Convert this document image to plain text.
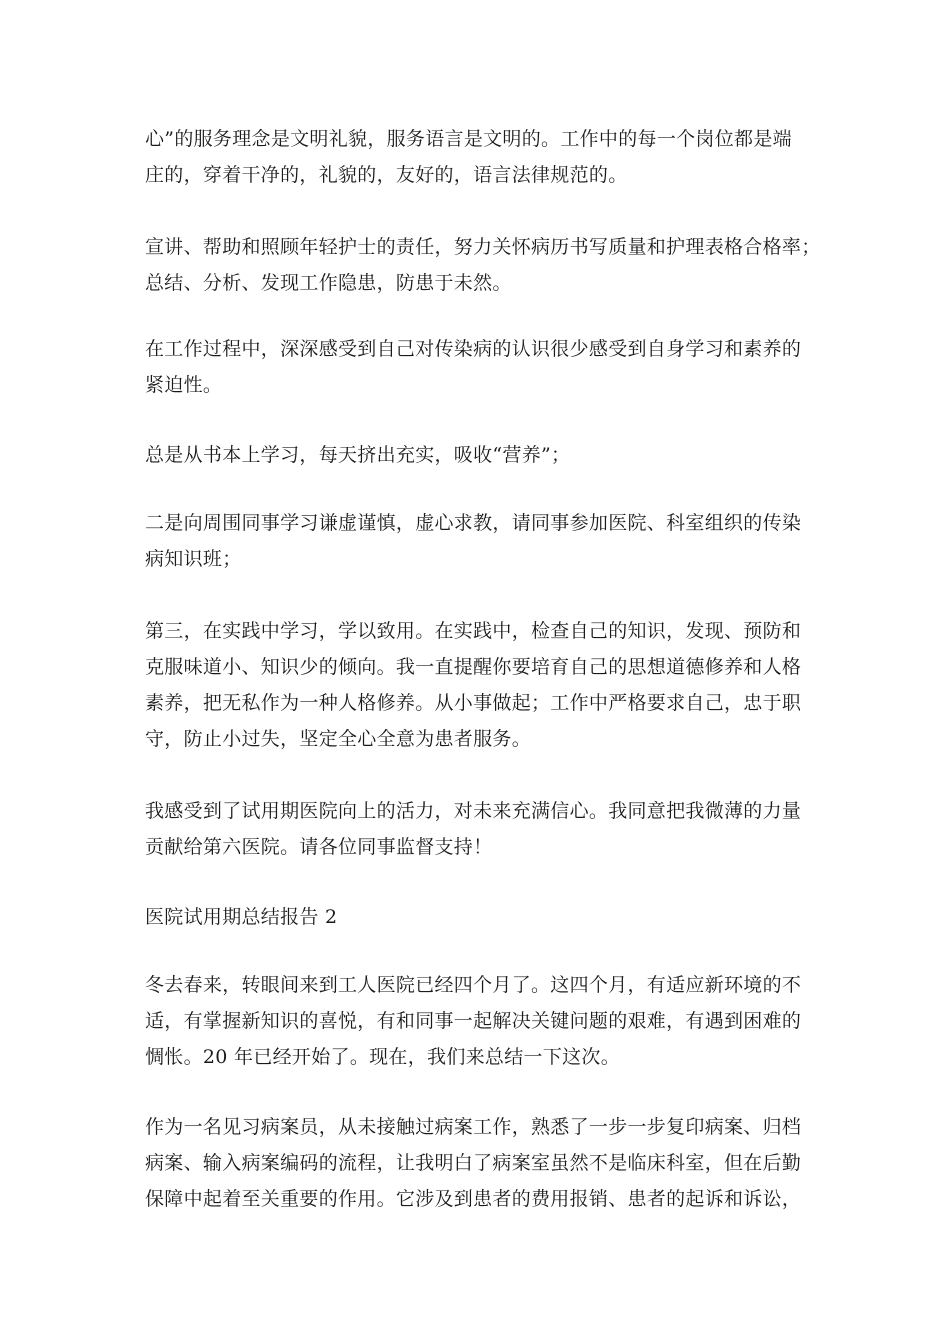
心”的服务理念是文明礼貌，服务语言是文明的。工作中的每一个岗位都是端
庄的，穿着干净的，礼貌的，友好的，语言法律规范的。

宣讲、帮助和照顾年轻护士的责任，努力关怀病历书写质量和护理表格合格率；
总结、分析、发现工作隐患，防患于未然。

在工作过程中，深深感受到自己对传染病的认识很少感受到自身学习和素养的
紧迫性。

总是从书本上学习，每天挤出充实，吸收“营养”；

二是向周围同事学习谦虚谨慎，虚心求教，请同事参加医院、科室组织的传染
病知识班；

第三，在实践中学习，学以致用。在实践中，检查自己的知识，发现、预防和
克服味道小、知识少的倾向。我一直提醒你要培育自己的思想道德修养和人格
素养，把无私作为一种人格修养。从小事做起；工作中严格要求自己，忠于职
守，防止小过失，坚定全心全意为患者服务。

我感受到了试用期医院向上的活力，对未来充满信心。我同意把我微薄的力量
贡献给第六医院。请各位同事监督支持！

医院试用期总结报告 2

冬去春来，转眼间来到工人医院已经四个月了。这四个月，有适应新环境的不
适，有掌握新知识的喜悦，有和同事一起解决关键问题的艰难，有遇到困难的
惆怅。20 年已经开始了。现在，我们来总结一下这次。

作为一名见习病案员，从未接触过病案工作，熟悉了一步一步复印病案、归档
病案、输入病案编码的流程，让我明白了病案室虽然不是临床科室，但在后勤
保障中起着至关重要的作用。它涉及到患者的费用报销、患者的起诉和诉讼，
